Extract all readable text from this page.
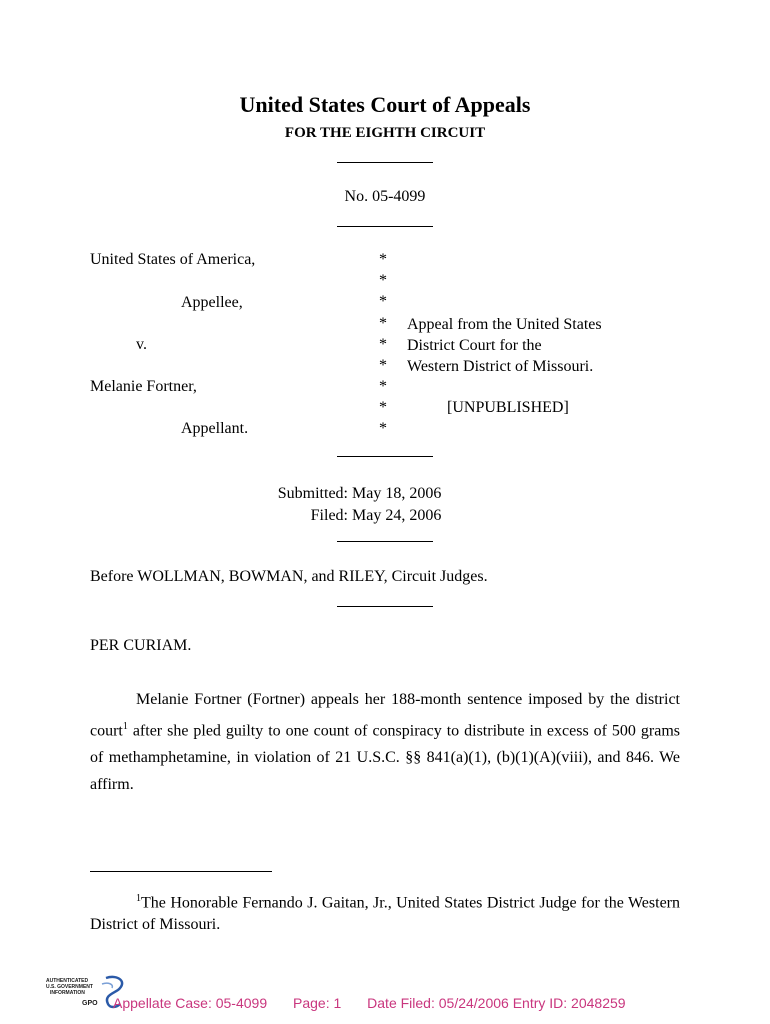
United States Court of Appeals
FOR THE EIGHTH CIRCUIT
No. 05-4099
United States of America,
Appellee,
v.
Melanie Fortner,
Appellant.
*
*
*
*
*
*
*
*
*
Appeal from the United States
District Court for the
Western District of Missouri.
[UNPUBLISHED]
Submitted: May 18, 2006
Filed: May 24, 2006
Before WOLLMAN, BOWMAN, and RILEY, Circuit Judges.
PER CURIAM.
Melanie Fortner (Fortner) appeals her 188-month sentence imposed by the district court$^1$ after she pled guilty to one count of conspiracy to distribute in excess of 500 grams of methamphetamine, in violation of 21 U.S.C. §§ 841(a)(1), (b)(1)(A)(viii), and 846. We affirm.
$^1$The Honorable Fernando J. Gaitan, Jr., United States District Judge for the Western District of Missouri.
AUTHENTICATED
U.S. GOVERNMENT
INFORMATION
GPO Appellate Case: 05-4099 Page: 1 Date Filed: 05/24/2006 Entry ID: 2048259
